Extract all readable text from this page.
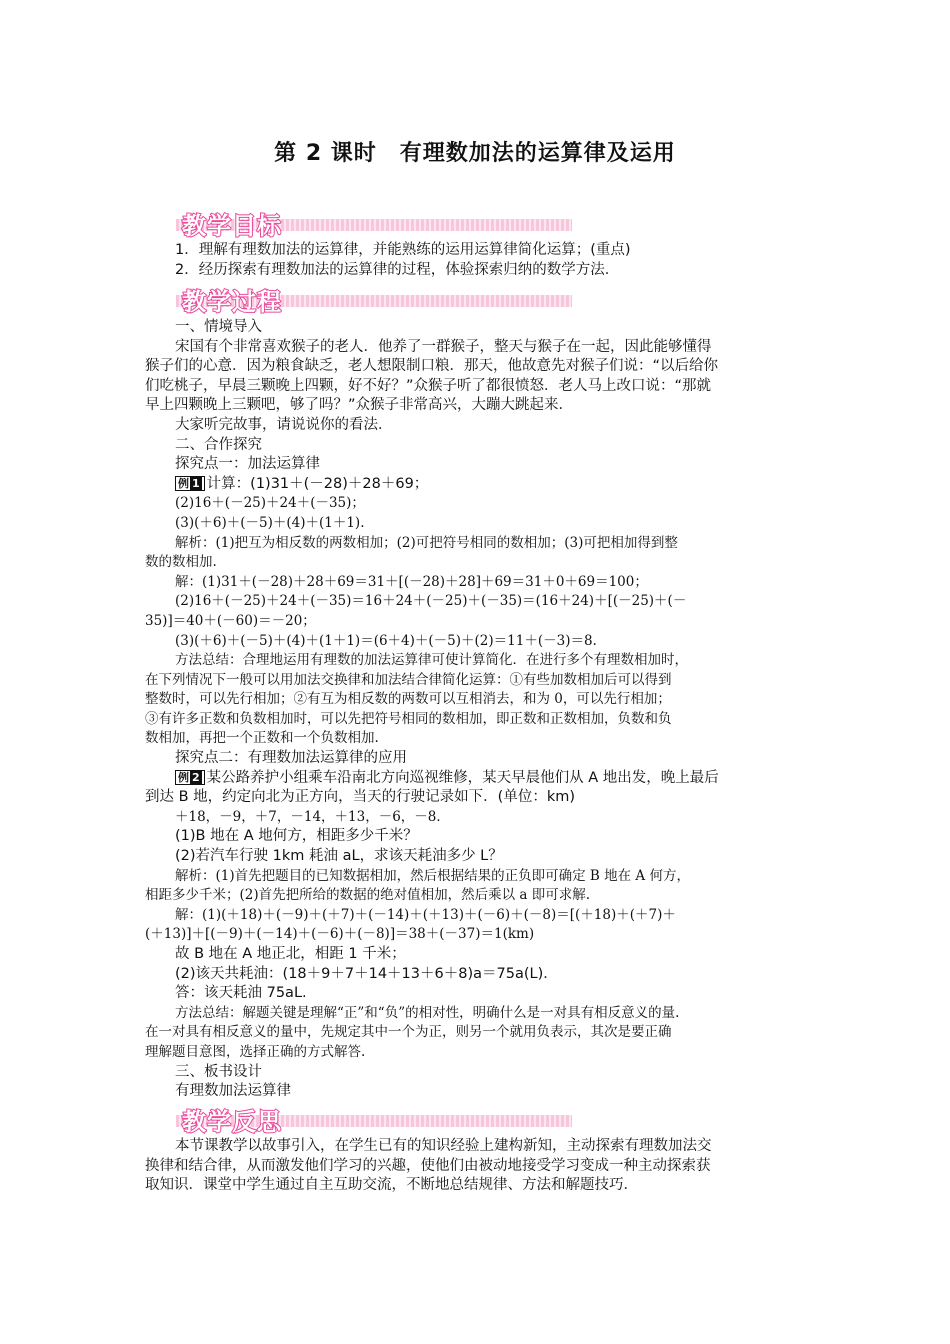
第 2 课时　有理数加法的运算律及运用
教学目标
1．理解有理数加法的运算律，并能熟练的运用运算律简化运算；(重点)
2．经历探索有理数加法的运算律的过程，体验探索归纳的数学方法．
教学过程
一、情境导入
宋国有个非常喜欢猴子的老人．他养了一群猴子，整天与猴子在一起，因此能够懂得
猴子们的心意．因为粮食缺乏，老人想限制口粮．那天，他故意先对猴子们说：“以后给你
们吃桃子，早晨三颗晚上四颗，好不好？”众猴子听了都很愤怒．老人马上改口说：“那就
早上四颗晚上三颗吧，够了吗？”众猴子非常高兴，大蹦大跳起来．
大家听完故事，请说说你的看法．
二、合作探究
探究点一：加法运算律
例 1 计算：(1)31＋(－28)＋28＋69；
(2)16＋(－25)＋24＋(－35)；
(3)(＋6)＋(－5)＋(4)＋(1＋1).
解析：(1)把互为相反数的两数相加；(2)可把符号相同的数相加；(3)可把相加得到整
数的数相加.
解：(1)31＋(－28)＋28＋69＝31＋[(－28)＋28]＋69＝31＋0＋69＝100；
(2)16＋(－25)＋24＋(－35)＝16＋24＋(－25)＋(－35)＝(16＋24)＋[(－25)＋(－
35)]＝40＋(－60)＝－20；
(3)(＋6)＋(－5)＋(4)＋(1＋1)＝(6＋4)＋(－5)＋(2)＝11＋(－3)＝8.
方法总结：合理地运用有理数的加法运算律可使计算简化．在进行多个有理数相加时，
在下列情况下一般可以用加法交换律和加法结合律简化运算：①有些加数相加后可以得到
整数时，可以先行相加；②有互为相反数的两数可以互相消去，和为 0，可以先行相加；
③有许多正数和负数相加时，可以先把符号相同的数相加，即正数和正数相加，负数和负
数相加，再把一个正数和一个负数相加.
探究点二：有理数加法运算律的应用
例 2 某公路养护小组乘车沿南北方向巡视维修，某天早晨他们从 A 地出发，晚上最后
到达 B 地，约定向北为正方向，当天的行驶记录如下．(单位：km)
＋18，－9，＋7，－14，＋13，－6，－8．
(1)B 地在 A 地何方，相距多少千米？
(2)若汽车行驶 1km 耗油 aL，求该天耗油多少 L？
解析：(1)首先把题目的已知数据相加，然后根据结果的正负即可确定 B 地在 A 何方，
相距多少千米；(2)首先把所给的数据的绝对值相加，然后乘以 a 即可求解.
解：(1)(＋18)＋(－9)＋(＋7)＋(－14)＋(＋13)＋(－6)＋(－8)＝[(＋18)＋(＋7)＋
(＋13)]＋[(－9)＋(－14)＋(－6)＋(－8)]＝38＋(－37)＝1(km)
故 B 地在 A 地正北，相距 1 千米；
(2)该天共耗油：(18＋9＋7＋14＋13＋6＋8)a＝75a(L)．
答：该天耗油 75aL.
方法总结：解题关键是理解“正”和“负”的相对性，明确什么是一对具有相反意义的量.
在一对具有相反意义的量中，先规定其中一个为正，则另一个就用负表示，其次是要正确
理解题目意图，选择正确的方式解答.
三、板书设计
有理数加法运算律
教学反思
本节课教学以故事引入，在学生已有的知识经验上建构新知，主动探索有理数加法交
换律和结合律，从而激发他们学习的兴趣，使他们由被动地接受学习变成一种主动探索获
取知识．课堂中学生通过自主互助交流，不断地总结规律、方法和解题技巧．
